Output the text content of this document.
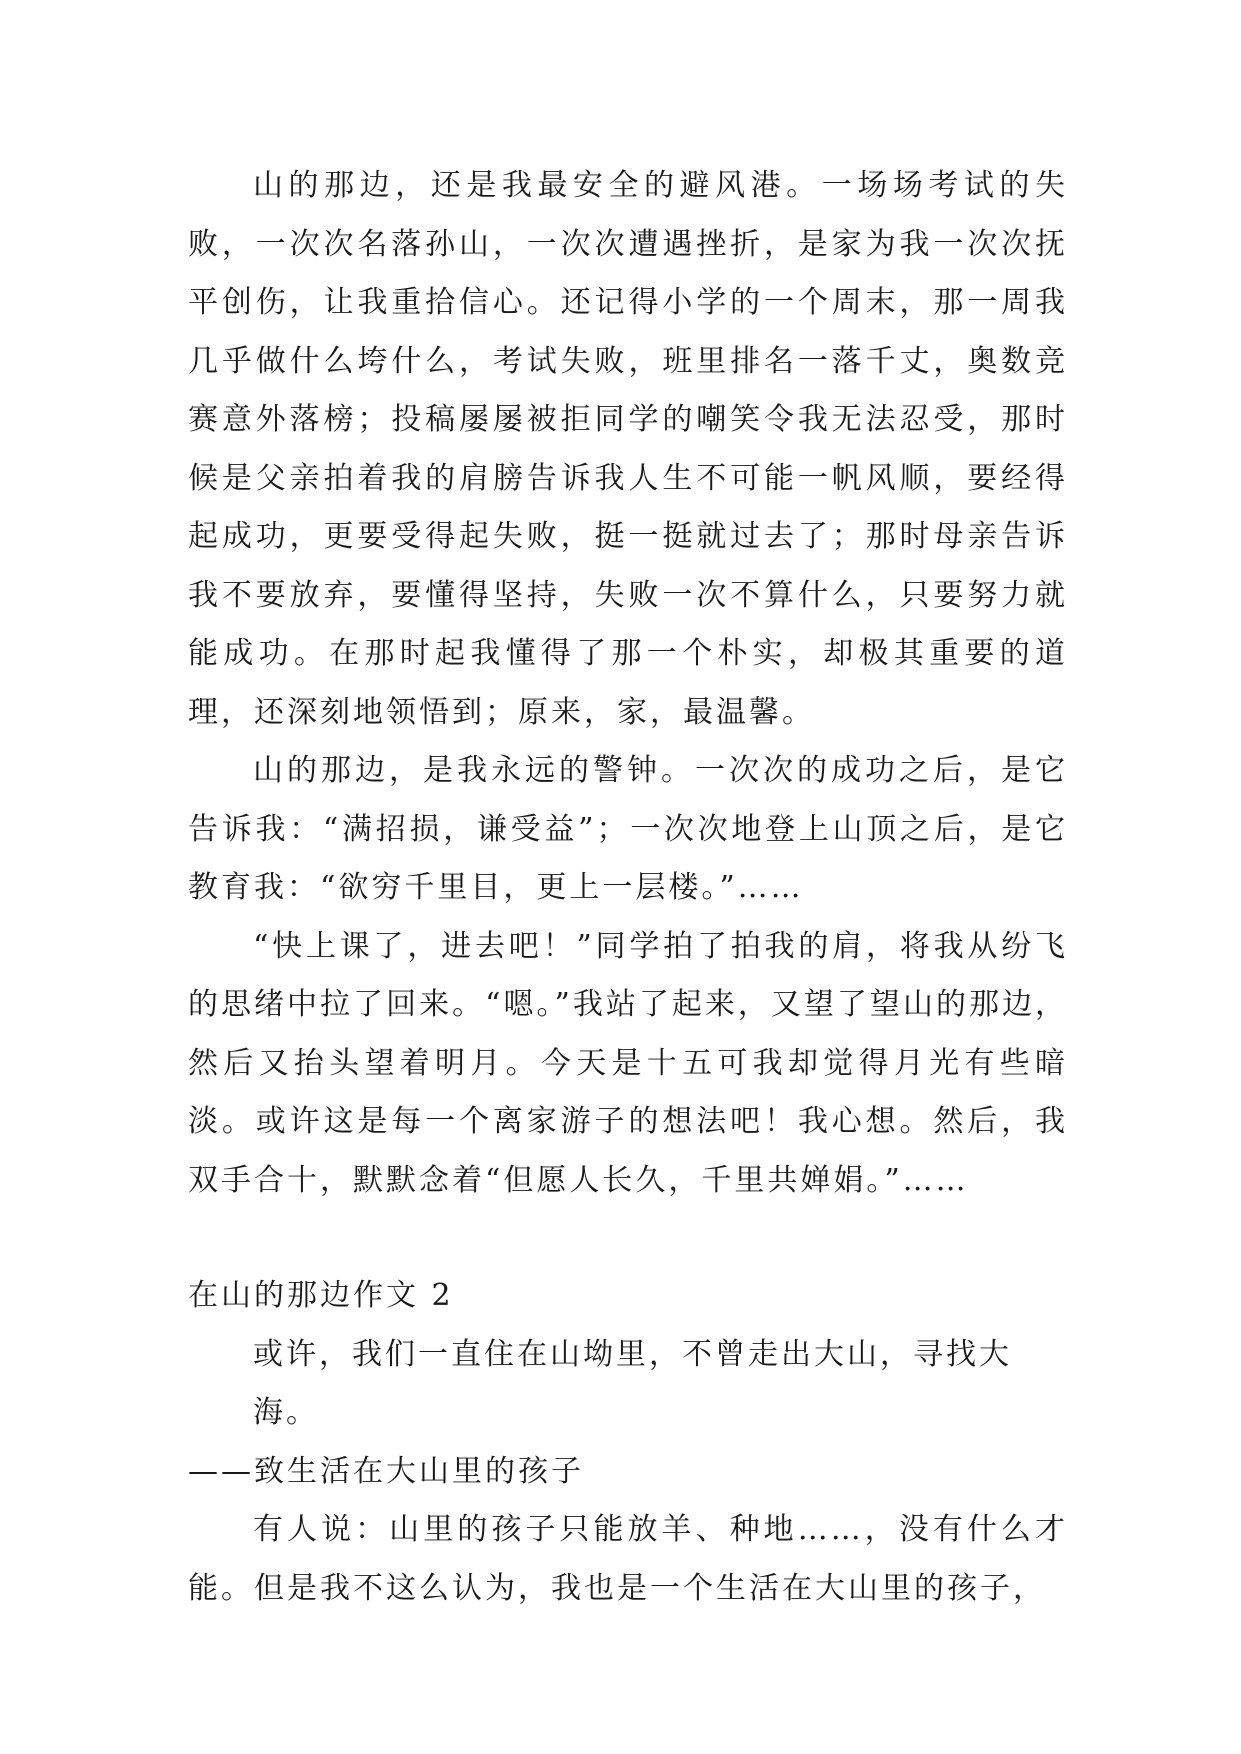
山的那边，还是我最安全的避风港。一场场考试的失败，一次次名落孙山，一次次遭遇挫折，是家为我一次次抚平创伤，让我重拾信心。还记得小学的一个周末，那一周我几乎做什么垮什么，考试失败，班里排名一落千丈，奥数竞赛意外落榜；投稿屡屡被拒同学的嘲笑令我无法忍受，那时候是父亲拍着我的肩膀告诉我人生不可能一帆风顺，要经得起成功，更要受得起失败，挺一挺就过去了；那时母亲告诉我不要放弃，要懂得坚持，失败一次不算什么，只要努力就能成功。在那时起我懂得了那一个朴实，却极其重要的道理，还深刻地领悟到；原来，家，最温馨。

山的那边，是我永远的警钟。一次次的成功之后，是它告诉我：“满招损，谦受益”；一次次地登上山顶之后，是它教育我：“欲穷千里目，更上一层楼。”……

“快上课了，进去吧！”同学拍了拍我的肩，将我从纷飞的思绪中拉了回来。“嗯。”我站了起来，又望了望山的那边，然后又抬头望着明月。今天是十五可我却觉得月光有些暗淡。或许这是每一个离家游子的想法吧！我心想。然后，我双手合十，默默念着“但愿人长久，千里共婵娟。”……

在山的那边作文 2

或许，我们一直住在山坳里，不曾走出大山，寻找大海。

——致生活在大山里的孩子

有人说：山里的孩子只能放羊、种地……，没有什么才能。但是我不这么认为，我也是一个生活在大山里的孩子，
